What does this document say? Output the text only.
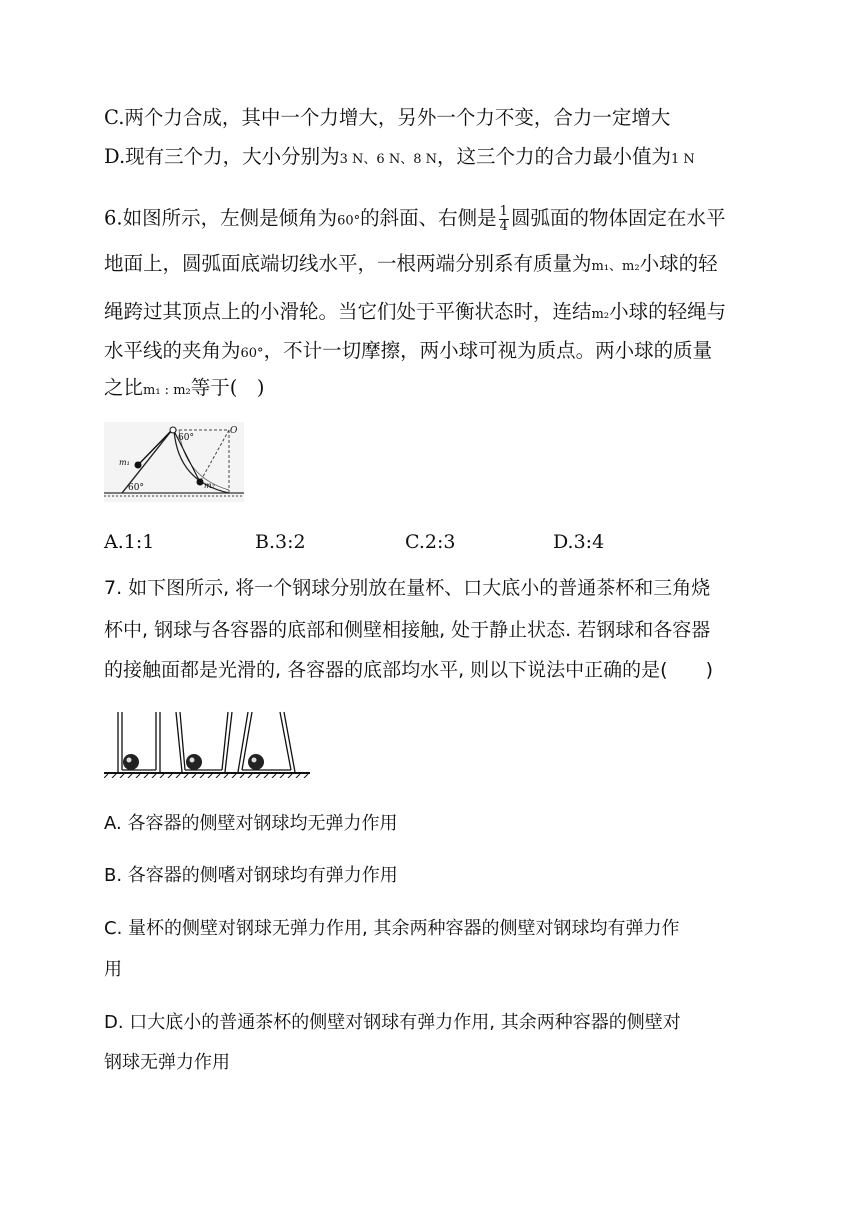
C.两个力合成，其中一个力增大，另外一个力不变，合力一定增大
D.现有三个力，大小分别为3 N、6 N、8 N，这三个力的合力最小值为1 N
6.如图所示，左侧是倾角为60°的斜面、右侧是 $\frac{1}{4}$ 圆弧面的物体固定在水平
地面上，圆弧面底端切线水平，一根两端分别系有质量为m₁、m₂小球的轻
绳跨过其顶点上的小滑轮。当它们处于平衡状态时，连结m₂小球的轻绳与
水平线的夹角为60°，不计一切摩擦，两小球可视为质点。两小球的质量
之比m₁ : m₂等于(　)
60°
60°
m₁
m₂
O
A.1:1	B.3:2	C.2:3	D.3:4
7. 如下图所示, 将一个钢球分别放在量杯、口大底小的普通茶杯和三角烧
杯中, 钢球与各容器的底部和侧壁相接触, 处于静止状态. 若钢球和各容器
的接触面都是光滑的, 各容器的底部均水平, 则以下说法中正确的是(　　)
A. 各容器的侧壁对钢球均无弹力作用
B. 各容器的侧嗜对钢球均有弹力作用
C. 量杯的侧壁对钢球无弹力作用, 其余两种容器的侧壁对钢球均有弹力作
用
D. 口大底小的普通茶杯的侧壁对钢球有弹力作用, 其余两种容器的侧壁对
钢球无弹力作用
